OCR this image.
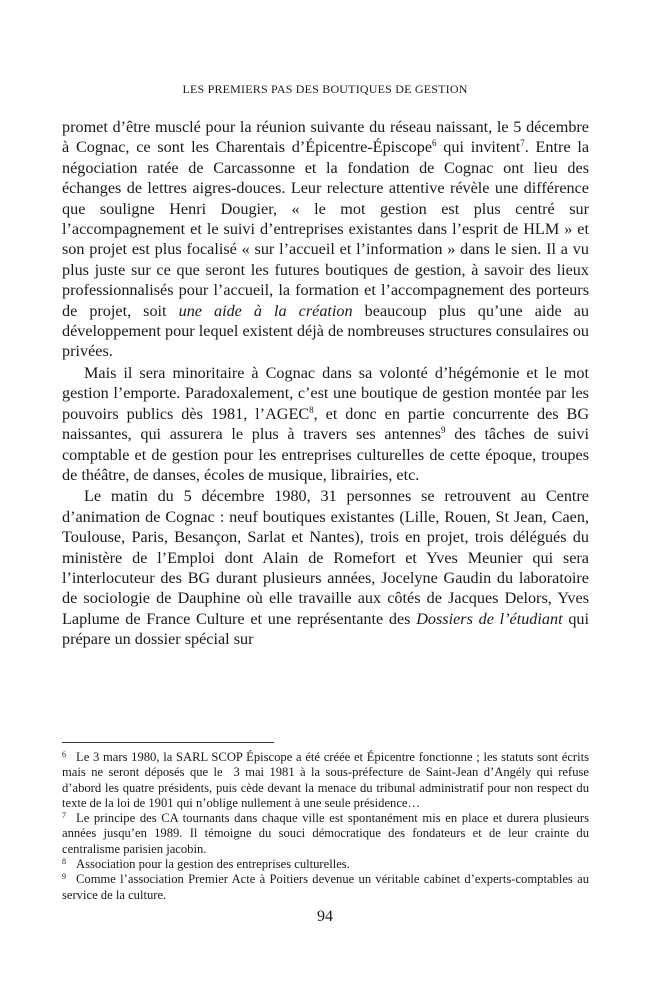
LES PREMIERS PAS DES BOUTIQUES DE GESTION

promet d’être musclé pour la réunion suivante du réseau naissant, le 5 décembre à Cognac, ce sont les Charentais d’Épicentre-Épiscope$^6$ qui invitent$^7$. Entre la négociation ratée de Carcassonne et la fondation de Cognac ont lieu des échanges de lettres aigres-douces. Leur relecture attentive révèle une différence que souligne Henri Dougier, « le mot gestion est plus centré sur l’accompagnement et le suivi d’entreprises existantes dans l’esprit de HLM » et son projet est plus focalisé « sur l’accueil et l’information » dans le sien. Il a vu plus juste sur ce que seront les futures boutiques de gestion, à savoir des lieux professionnalisés pour l’accueil, la formation et l’accompagnement des porteurs de projet, soit une aide à la création beaucoup plus qu’une aide au développement pour lequel existent déjà de nombreuses structures consulaires ou privées.

Mais il sera minoritaire à Cognac dans sa volonté d’hégémonie et le mot gestion l’emporte. Paradoxalement, c’est une boutique de gestion montée par les pouvoirs publics dès 1981, l’AGEC$^8$, et donc en partie concurrente des BG naissantes, qui assurera le plus à travers ses antennes$^9$ des tâches de suivi comptable et de gestion pour les entreprises culturelles de cette époque, troupes de théâtre, de danses, écoles de musique, librairies, etc.

Le matin du 5 décembre 1980, 31 personnes se retrouvent au Centre d’animation de Cognac : neuf boutiques existantes (Lille, Rouen, St Jean, Caen, Toulouse, Paris, Besançon, Sarlat et Nantes), trois en projet, trois délégués du ministère de l’Emploi dont Alain de Romefort et Yves Meunier qui sera l’interlocuteur des BG durant plusieurs années, Jocelyne Gaudin du laboratoire de sociologie de Dauphine où elle travaille aux côtés de Jacques Delors, Yves Laplume de France Culture et une représentante des Dossiers de l’étudiant qui prépare un dossier spécial sur

$^6$ Le 3 mars 1980, la SARL SCOP Épiscope a été créée et Épicentre fonctionne ; les statuts sont écrits mais ne seront déposés que le  3 mai 1981 à la sous-préfecture de Saint-Jean d’Angély qui refuse d’abord les quatre présidents, puis cède devant la menace du tribunal administratif pour non respect du texte de la loi de 1901 qui n’oblige nullement à une seule présidence…

$^7$ Le principe des CA tournants dans chaque ville est spontanément mis en place et durera plusieurs années jusqu’en 1989. Il témoigne du souci démocratique des fondateurs et de leur crainte du centralisme parisien jacobin.

$^8$ Association pour la gestion des entreprises culturelles.

$^9$ Comme l’association Premier Acte à Poitiers devenue un véritable cabinet d’experts-comptables au service de la culture.

94
